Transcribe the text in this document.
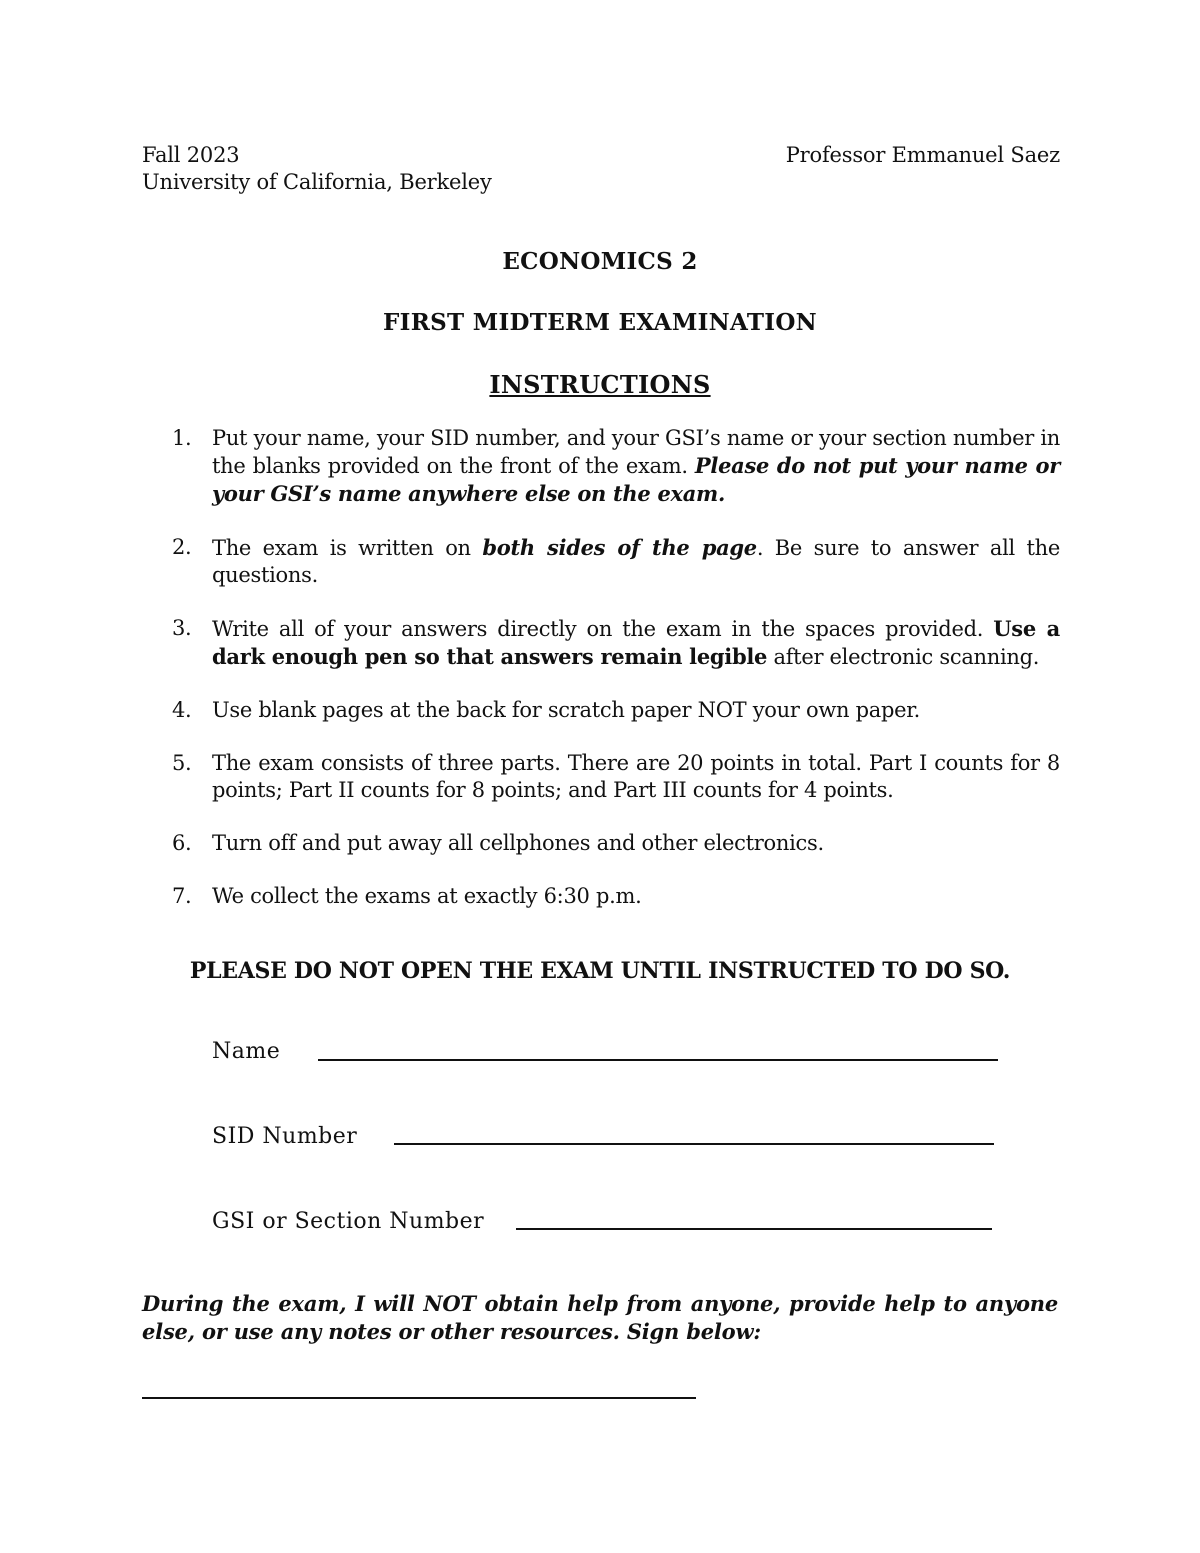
Fall 2023
University of California, Berkeley
Professor Emmanuel Saez
ECONOMICS 2
FIRST MIDTERM EXAMINATION
INSTRUCTIONS
1. Put your name, your SID number, and your GSI’s name or your section number in the blanks provided on the front of the exam. Please do not put your name or your GSI’s name anywhere else on the exam.
2. The exam is written on both sides of the page. Be sure to answer all the questions.
3. Write all of your answers directly on the exam in the spaces provided. Use a dark enough pen so that answers remain legible after electronic scanning.
4. Use blank pages at the back for scratch paper NOT your own paper.
5. The exam consists of three parts. There are 20 points in total. Part I counts for 8 points; Part II counts for 8 points; and Part III counts for 4 points.
6. Turn off and put away all cellphones and other electronics.
7. We collect the exams at exactly 6:30 p.m.
PLEASE DO NOT OPEN THE EXAM UNTIL INSTRUCTED TO DO SO.
Name
SID Number
GSI or Section Number
During the exam, I will NOT obtain help from anyone, provide help to anyone else, or use any notes or other resources. Sign below:
